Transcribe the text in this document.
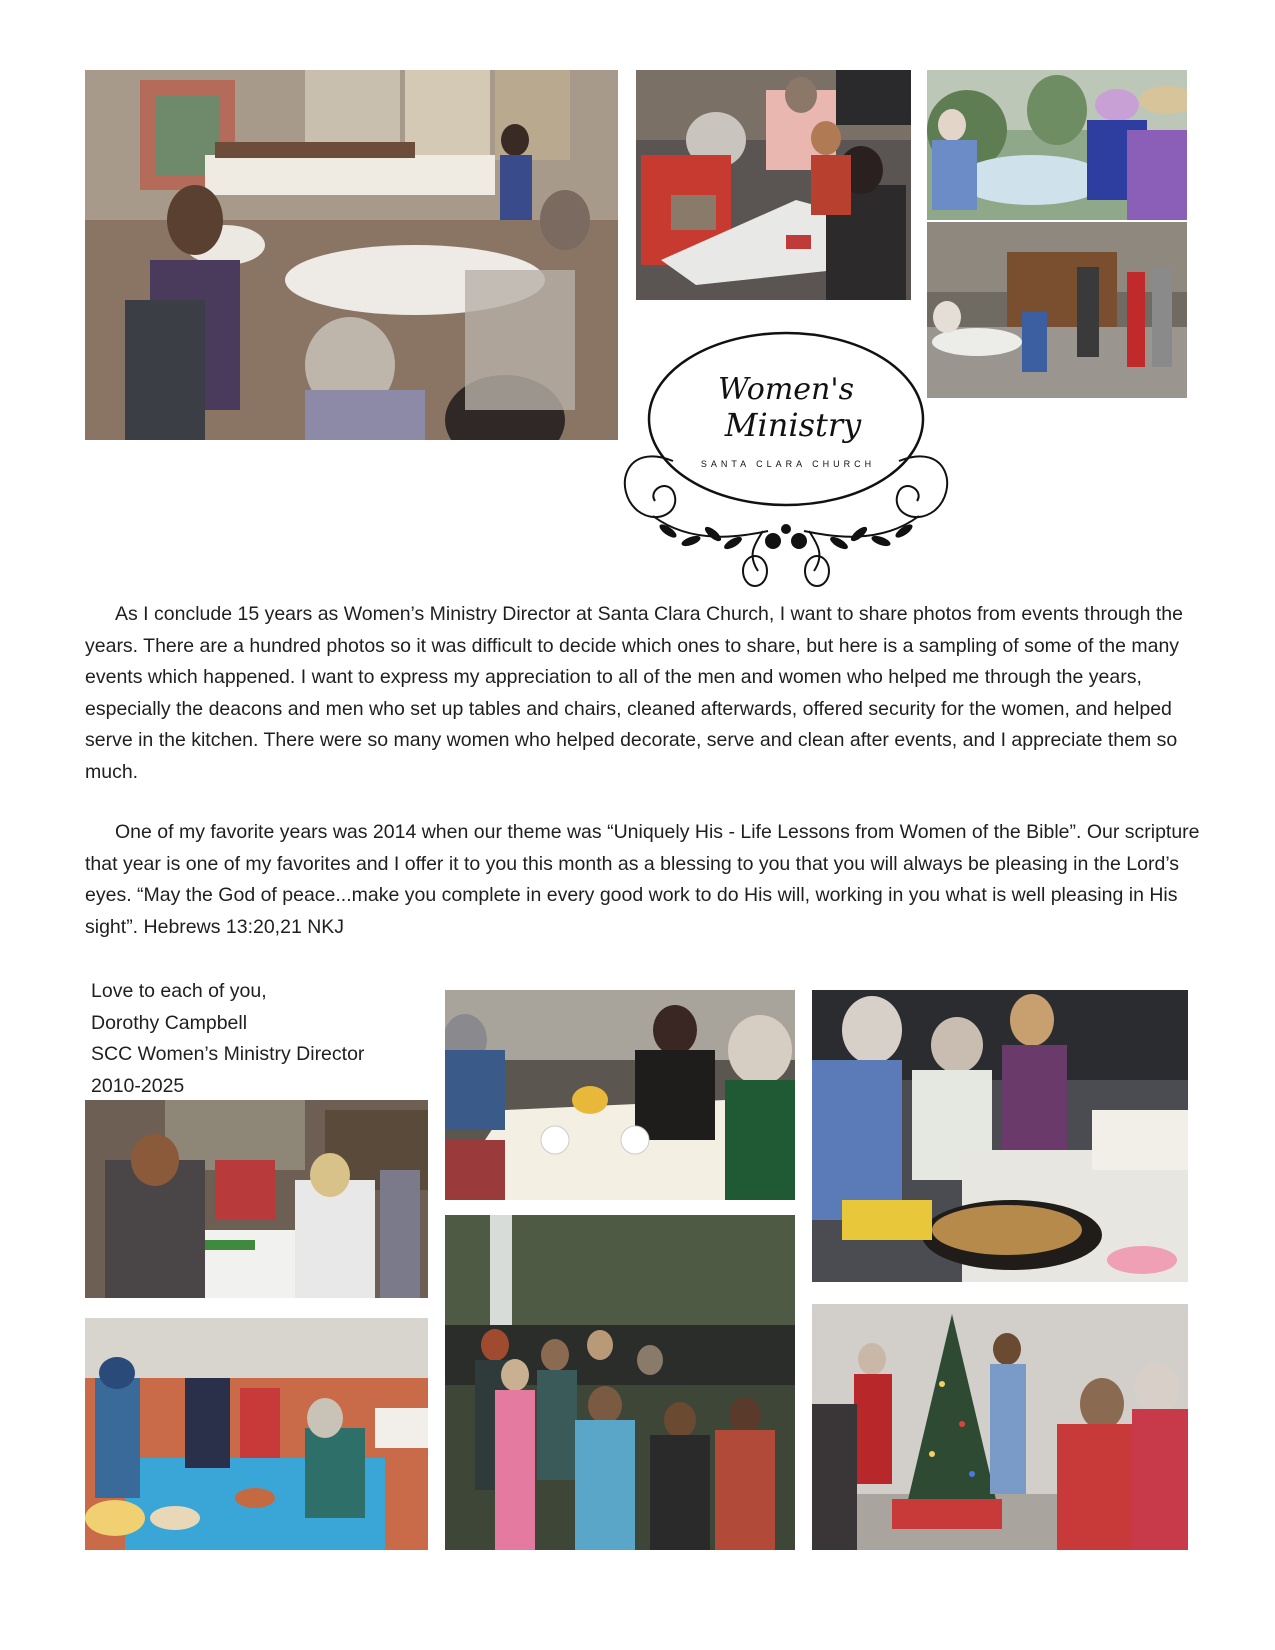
Women's
Ministry
SANTA CLARA CHURCH

As I conclude 15 years as Women’s Ministry Director at Santa Clara Church, I want to share photos from events through the years. There are a hundred photos so it was difficult to decide which ones to share, but here is a sampling of some of the many events which happened. I want to express my appreciation to all of the men and women who helped me through the years, especially the deacons and men who set up tables and chairs, cleaned afterwards, offered security for the women, and helped serve in the kitchen. There were so many women who helped decorate, serve and clean after events, and I appreciate them so much.

One of my favorite years was 2014 when our theme was “Uniquely His - Life Lessons from Women of the Bible”. Our scripture that year is one of my favorites and I offer it to you this month as a blessing to you that you will always be pleasing in the Lord’s eyes. “May the God of peace...make you complete in every good work to do His will, working in you what is well pleasing in His sight”. Hebrews 13:20,21 NKJ

Love to each of you,
Dorothy Campbell
SCC Women’s Ministry Director
2010-2025
